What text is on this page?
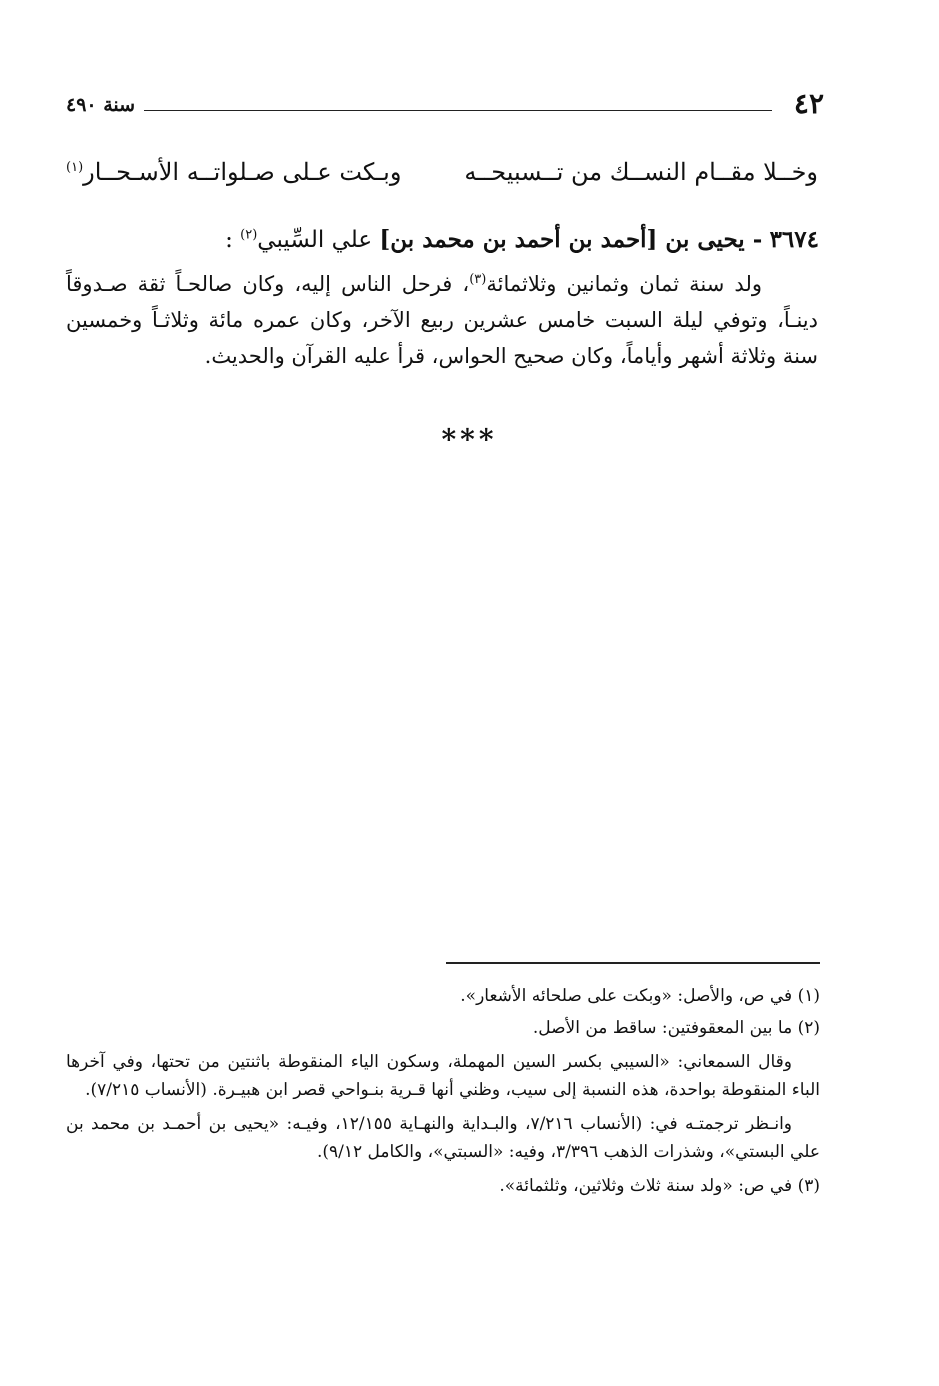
٤٢
سنة ٤٩٠
وخــلا مقــام النســك من تــسبيحــه
وبـكت عـلى صـلواتــه الأسـحــار$^{(١)}$
٣٦٧٤ - يحيى بن [أحمد بن أحمد بن محمد بن] علي السِّيبي$^{(٢)}$ :

ولد سنة ثمان وثمانين وثلاثمائة$^{(٣)}$، فرحل الناس إليه، وكان صالحـاً ثقة صـدوقاً دينـاً، وتوفي ليلة السبت خامس عشرين ربيع الآخر، وكان عمره مائة وثلاثـاً وخمسين سنة وثلاثة أشهر وأياماً، وكان صحيح الحواس، قرأ عليه القرآن والحديث.

***

(١) في ص، والأصل: «وبكت على صلحائه الأشعار».

(٢) ما بين المعقوفتين: ساقط من الأصل.

وقال السمعاني: «السيبي بكسر السين المهملة، وسكون الياء المنقوطة باثنتين من تحتها، وفي آخرها الباء المنقوطة بواحدة، هذه النسبة إلى سيب، وظني أنها قـرية بنـواحي قصر ابن هبيـرة. (الأنساب ٧/٢١٥).

وانـظر ترجمتـه في: (الأنساب ٧/٢١٦، والبـداية والنهـاية ١٢/١٥٥، وفيـه: «يحيى بن أحمـد بن محمد بن علي البستي»، وشذرات الذهب ٣/٣٩٦، وفيه: «السبتي»، والكامل ٩/١٢).

(٣) في ص: «ولد سنة ثلاث وثلاثين، وثلثمائة».
